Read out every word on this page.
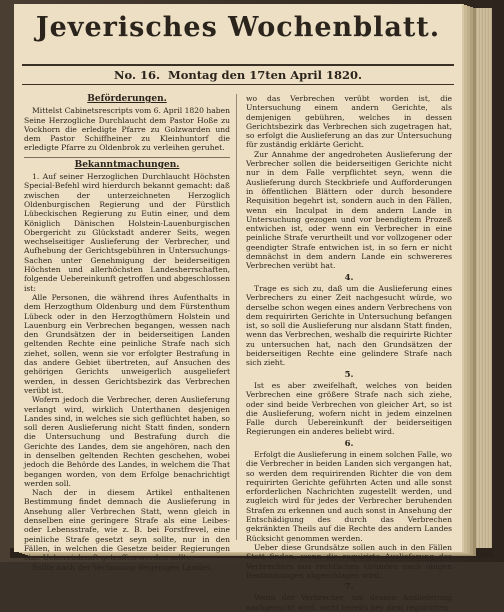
Jeverisches Wochenblatt.
No. 16. Montag den 17ten April 1820.
Beförderungen.

Mittelst Cabinetsrescripts vom 6. April 1820 haben Seine Herzogliche Durchlaucht dem Pastor Hoße zu Vockhorn die erledigte Pfarre zu Golzwarden und dem Pastor Schiffheiner zu Kleinhuntorf die erledigte Pfarre zu Oldenbrok zu verleihen geruhet.

Bekanntmachungen.

1. Auf seiner Herzoglichen Durchlaucht Höchsten Special-Befehl wird hierdurch bekannt gemacht: daß zwischen der unterzeichneten Herzoglich Oldenburgischen Regierung und der Fürstlich Lübeckischen Regierung zu Eutin einer, und dem Königlich Dänischen Holstein-Lauenburgischen Obergericht zu Glückstadt anderer Seits, wegen wechselseitiger Auslieferung der Verbrecher, und Aufhebung der Gerichtsgebühren in Untersuchungs-Sachen unter Genehmigung der beiderseitigen Höchsten und allerhöchsten Landesherrschaften, folgende Uebereinkunft getroffen und abgeschlossen ist:

Alle Personen, die während ihres Aufenthalts in dem Herzogthum Oldenburg und dem Fürstenthum Lübeck oder in den Herzogthümern Holstein und Lauenburg ein Verbrechen begangen, wessen nach den Grundsätzen der in beiderseitigen Landen geltenden Rechte eine peinliche Strafe nach sich ziehet, sollen, wenn sie vor erfolgter Bestrafung in das andere Gebiet übertreten, auf Ansuchen des gehörigen Gerichts unweigerlich ausgeliefert werden, in dessen Gerichtsbezirk das Verbrechen verübt ist.

Wofern jedoch die Verbrecher, deren Auslieferung verlangt wird, wirklich Unterthanen desjenigen Landes sind, in welches sie sich geflüchtet haben, so soll deren Auslieferung nicht Statt finden, sondern die Untersuchung und Bestrafung durch die Gerichte des Landes, dem sie angehören, nach den in denselben geltenden Rechten geschehen, wobei jedoch die Behörde des Landes, in welchem die That begangen worden, von dem Erfolge benachrichtigt werden soll.

Nach der in diesem Artikel enthaltenen Bestimmung findet demnach die Auslieferung in Ansehung aller Verbrechen Statt, wenn gleich in denselben eine geringere Strafe als eine Leibes- oder Lebensstrafe, wie z. B. bei Forstfrevel, eine peinliche Strafe gesetzt seyn sollte, nur in den Fällen, in welchen die Gesetze beider Regierungen eine Uebereinkunft getroffen werden sollte.

Sollte nach der Verfassung desjenigen Landes,

wo das Verbrechen verübt worden ist, die Untersuchung einem andern Gerichte, als demjenigen gebühren, welches in dessen Gerichtsbezirk das Verbrechen sich zugetragen hat, so erfolgt die Auslieferung an das zur Untersuchung für zuständig erklärte Gericht.

Zur Annahme der angedroheten Auslieferung der Verbrecher sollen die beiderseitigen Gerichte nicht nur in dem Falle verpflichtet seyn, wenn die Auslieferung durch Steckbriefe und Aufforderungen in öffentlichen Blättern oder durch besondere Requisition begehrt ist, sondern auch in den Fällen, wenn ein Inculpat in dem andern Lande in Untersuchung gezogen und vor beendigtem Prozeß entwichen ist, oder wenn ein Verbrecher in eine peinliche Strafe verurtheilt und vor vollzogener oder geendigter Strafe entwichen ist, in so fern er nicht demnächst in dem andern Lande ein schwereres Verbrechen verübt hat.

4.

Trage es sich zu, daß um die Auslieferung eines Verbrechers zu einer Zeit nachgesucht würde, wo derselbe schon wegen eines andern Verbrechens von dem requirirten Gerichte in Untersuchung befangen ist, so soll die Auslieferung nur alsdann Statt finden, wenn das Verbrechen, weshalb die requirirte Richter zu untersuchen hat, nach den Grundsätzen der beiderseitigen Rechte eine gelindere Strafe nach sich zieht.

5.

Ist es aber zweifelhaft, welches von beiden Verbrechen eine größere Strafe nach sich ziehe, oder sind beide Verbrechen von gleicher Art, so ist die Auslieferung, wofern nicht in jedem einzelnen Falle durch Uebereinkunft der beiderseitigen Regierungen ein anderes beliebt wird.

6.

Erfolgt die Auslieferung in einem solchen Falle, wo die Verbrecher in beiden Landen sich vergangen hat, so werden dem requirirenden Richter die von dem requirirten Gerichte geführten Acten und alle sonst erforderlichen Nachrichten zugestellt werden, und zugleich wird für jedes der Verbrecher beruhenden Strafen zu erkennen und auch sonst in Ansehung der Entschädigung des durch das Verbrechen gekränkten Theils auf die Rechte des andern Landes Rücksicht genommen werden.

Ueber diese Grundsätze sollen auch in den Fällen Statt finden, wenn die requirirte Auslieferung des Verbrechers aus rechtlichen Gründen nach obigen Bestimmungen abgeschlagen wird.

7.

Wenn der Verbrecher, um dessen Auslieferung nachgesucht wird, nicht bereits bey dem requirirten
